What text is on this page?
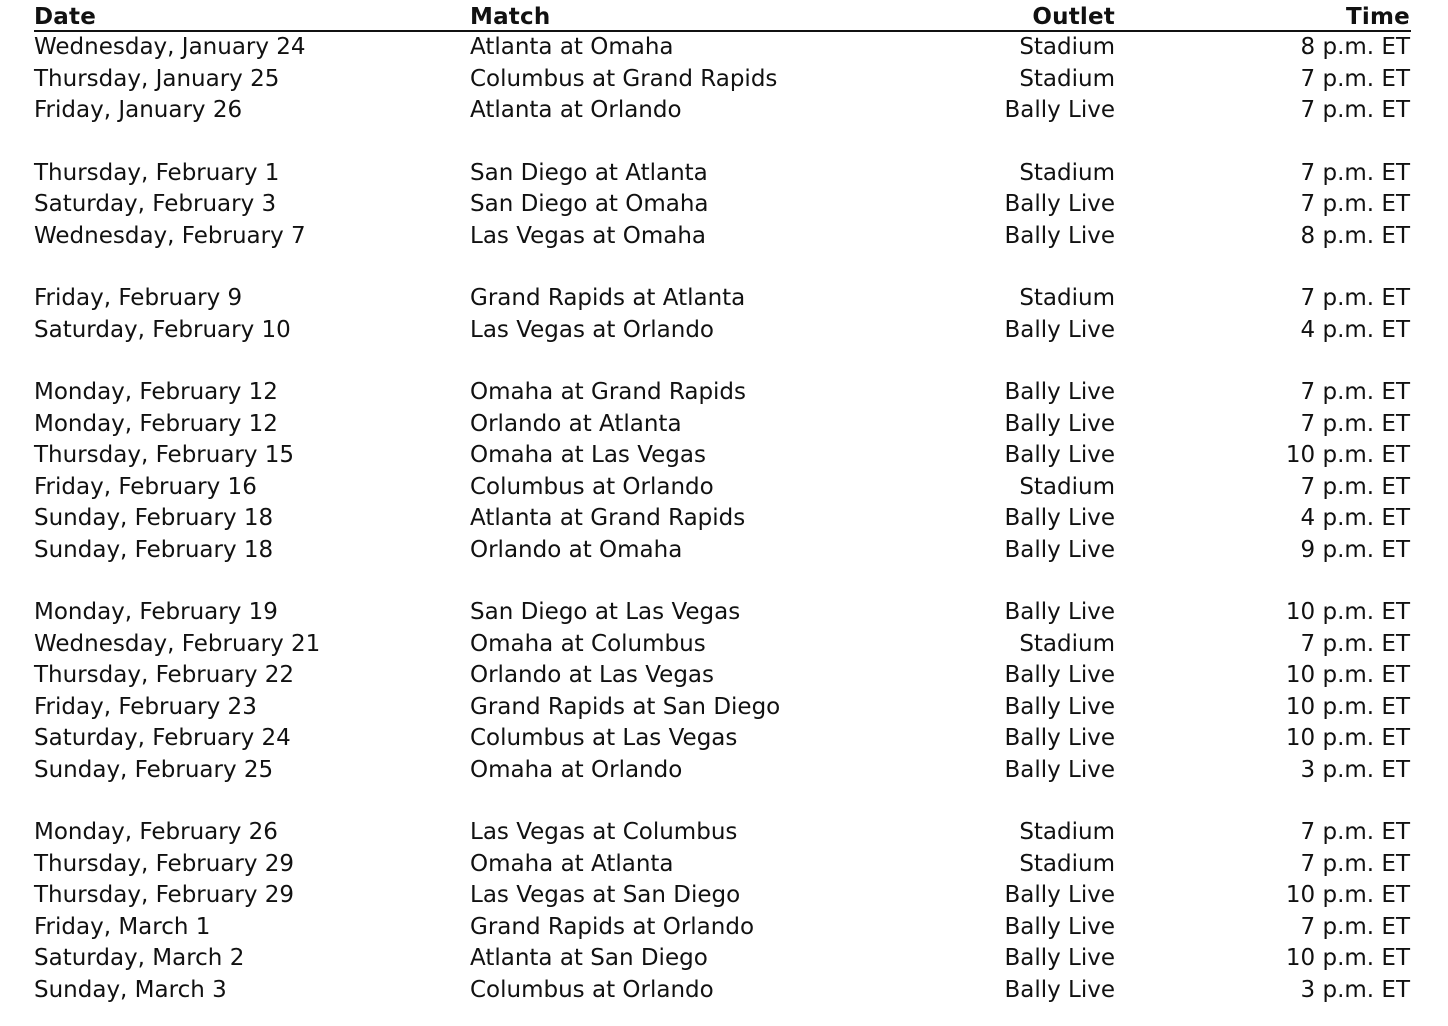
Date	Match	Outlet	Time
Wednesday, January 24	Atlanta at Omaha	Stadium	8 p.m. ET
Thursday, January 25	Columbus at Grand Rapids	Stadium	7 p.m. ET
Friday, January 26	Atlanta at Orlando	Bally Live	7 p.m. ET
Thursday, February 1	San Diego at Atlanta	Stadium	7 p.m. ET
Saturday, February 3	San Diego at Omaha	Bally Live	7 p.m. ET
Wednesday, February 7	Las Vegas at Omaha	Bally Live	8 p.m. ET
Friday, February 9	Grand Rapids at Atlanta	Stadium	7 p.m. ET
Saturday, February 10	Las Vegas at Orlando	Bally Live	4 p.m. ET
Monday, February 12	Omaha at Grand Rapids	Bally Live	7 p.m. ET
Monday, February 12	Orlando at Atlanta	Bally Live	7 p.m. ET
Thursday, February 15	Omaha at Las Vegas	Bally Live	10 p.m. ET
Friday, February 16	Columbus at Orlando	Stadium	7 p.m. ET
Sunday, February 18	Atlanta at Grand Rapids	Bally Live	4 p.m. ET
Sunday, February 18	Orlando at Omaha	Bally Live	9 p.m. ET
Monday, February 19	San Diego at Las Vegas	Bally Live	10 p.m. ET
Wednesday, February 21	Omaha at Columbus	Stadium	7 p.m. ET
Thursday, February 22	Orlando at Las Vegas	Bally Live	10 p.m. ET
Friday, February 23	Grand Rapids at San Diego	Bally Live	10 p.m. ET
Saturday, February 24	Columbus at Las Vegas	Bally Live	10 p.m. ET
Sunday, February 25	Omaha at Orlando	Bally Live	3 p.m. ET
Monday, February 26	Las Vegas at Columbus	Stadium	7 p.m. ET
Thursday, February 29	Omaha at Atlanta	Stadium	7 p.m. ET
Thursday, February 29	Las Vegas at San Diego	Bally Live	10 p.m. ET
Friday, March 1	Grand Rapids at Orlando	Bally Live	7 p.m. ET
Saturday, March 2	Atlanta at San Diego	Bally Live	10 p.m. ET
Sunday, March 3	Columbus at Orlando	Bally Live	3 p.m. ET
